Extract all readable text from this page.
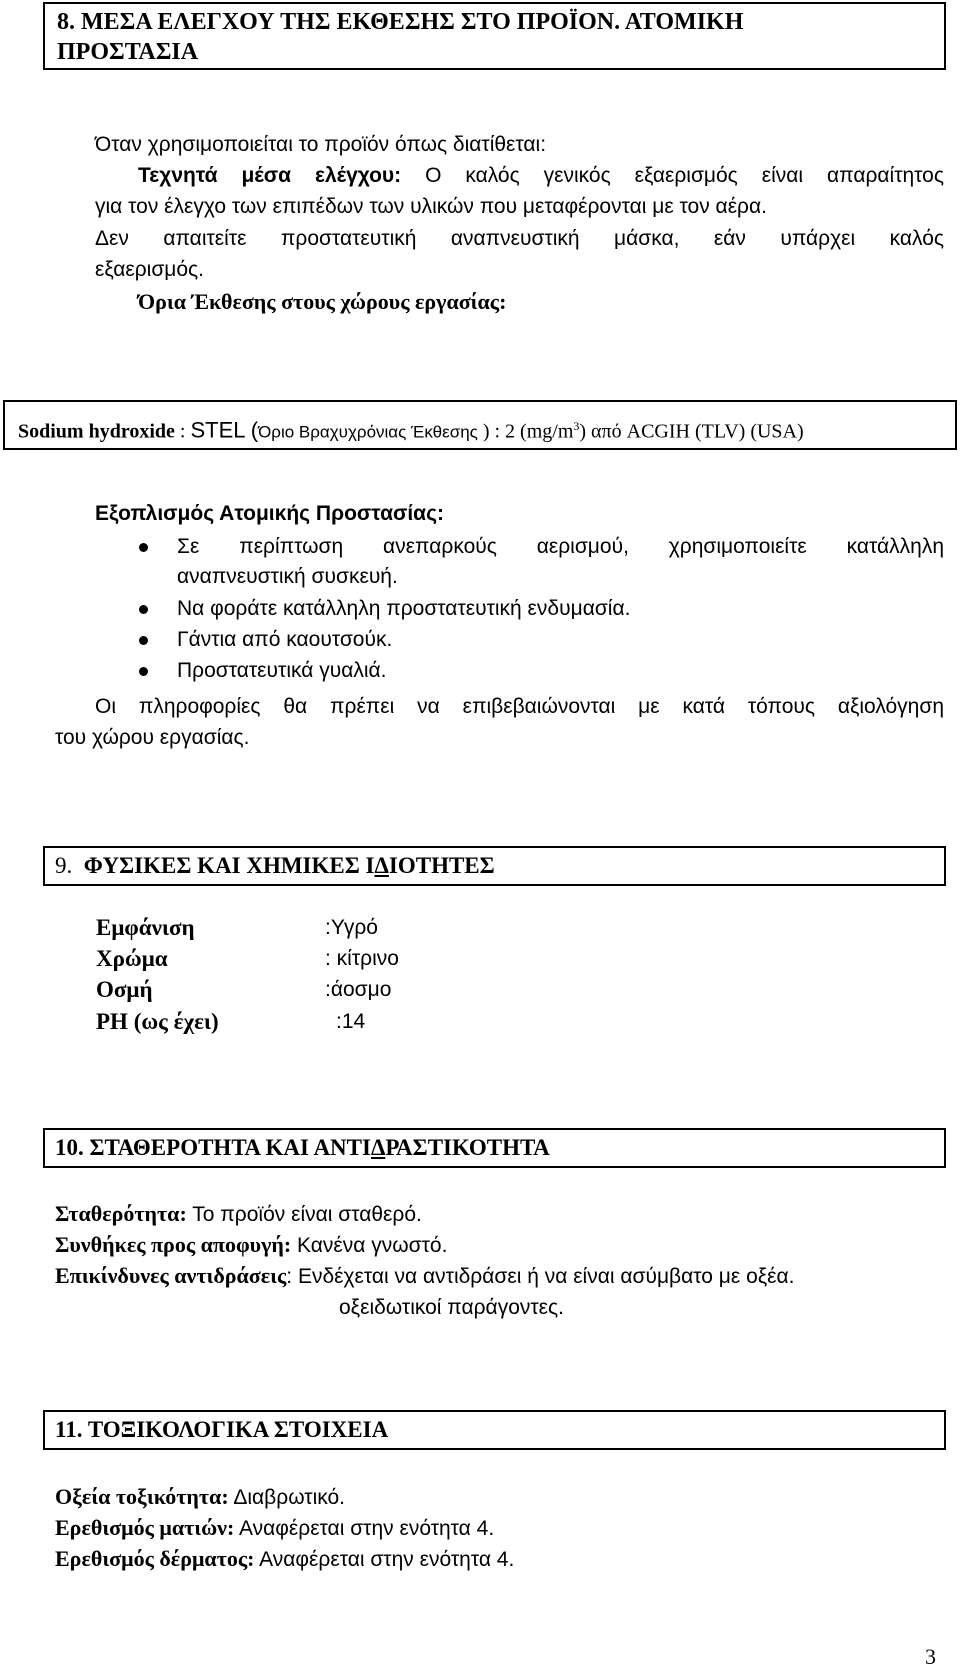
8. ΜΕΣΑ ΕΛΕΓΧΟΥ ΤΗΣ ΕΚΘΕΣΗΣ ΣΤΟ ΠΡΟΪΟΝ. ΑΤΟΜΙΚΗ
ΠΡΟΣΤΑΣΙΑ
Όταν χρησιμοποιείται το προϊόν όπως διατίθεται:
Τεχνητά μέσα ελέγχου: Ο καλός γενικός εξαερισμός είναι απαραίτητος
για τον έλεγχο των επιπέδων των υλικών που μεταφέρονται με τον αέρα.
Δεν απαιτείτε προστατευτική αναπνευστική μάσκα, εάν υπάρχει καλός
εξαερισμός.
Όρια Έκθεσης στους χώρους εργασίας:
Sodium hydroxide : STEL (Όριο Βραχυχρόνιας Έκθεσης ) : 2 $(mg/m^3)$ από ACGIH (TLV) (USA)
Εξοπλισμός Ατομικής Προστασίας:
Σε περίπτωση ανεπαρκούς αερισμού, χρησιμοποιείτε κατάλληλη
αναπνευστική συσκευή.
Να φοράτε κατάλληλη προστατευτική ενδυμασία.
Γάντια από καουτσούκ.
Προστατευτικά γυαλιά.
Οι πληροφορίες θα πρέπει να επιβεβαιώνονται με κατά τόπους αξιολόγηση
του χώρου εργασίας.
9. ΦΥΣΙΚΕΣ ΚΑΙ ΧΗΜΙΚΕΣ ΙΔΙΟΤΗΤΕΣ
Εμφάνιση	:Υγρό
Χρώμα	: κίτρινο
Οσμή	:άοσμο
PH (ως έχει)	:14
10. ΣΤΑΘΕΡΟΤΗΤΑ ΚΑΙ ΑΝΤΙΔΡΑΣΤΙΚΟΤΗΤΑ
Σταθερότητα: Το προϊόν είναι σταθερό.
Συνθήκες προς αποφυγή: Κανένα γνωστό.
Επικίνδυνες αντιδράσεις: Ενδέχεται να αντιδράσει ή να είναι ασύμβατο με οξέα.
οξειδωτικοί παράγοντες.
11. ΤΟΞΙΚΟΛΟΓΙΚΑ ΣΤΟΙΧΕΙΑ
Οξεία τοξικότητα: Διαβρωτικό.
Ερεθισμός ματιών: Αναφέρεται στην ενότητα 4.
Ερεθισμός δέρματος: Αναφέρεται στην ενότητα 4.
3
